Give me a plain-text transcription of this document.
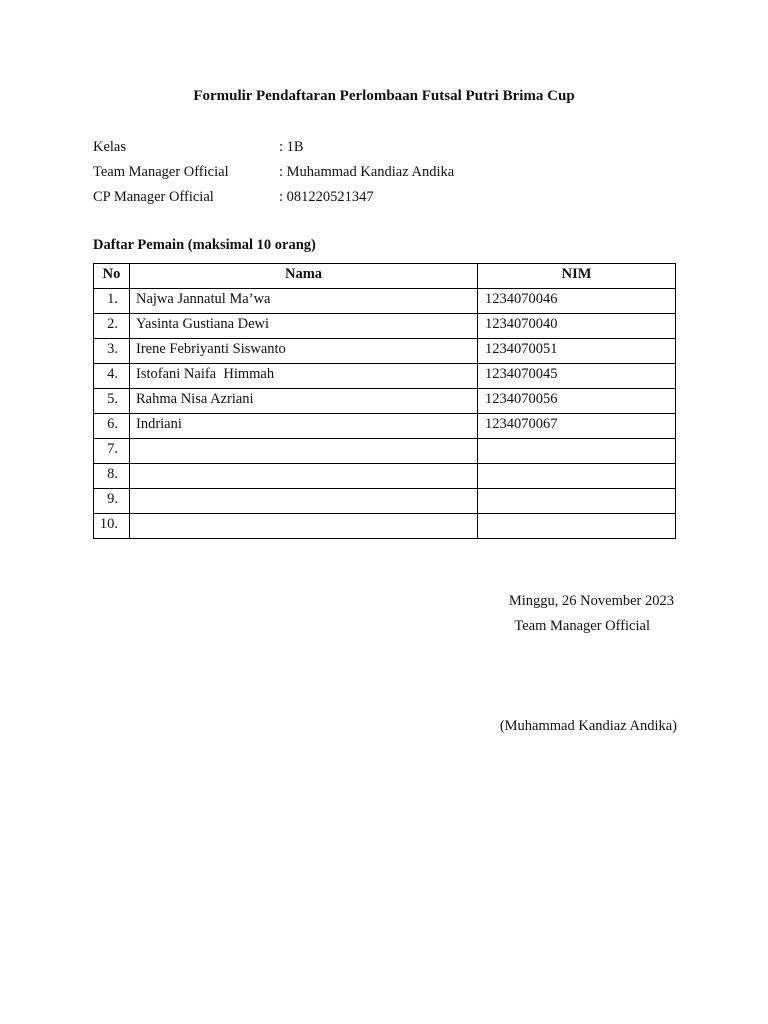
Formulir Pendaftaran Perlombaan Futsal Putri Brima Cup
Kelas	: 1B
Team Manager Official	: Muhammad Kandiaz Andika
CP Manager Official	: 081220521347
Daftar Pemain (maksimal 10 orang)
No	Nama	NIM
1.	Najwa Jannatul Ma’wa	1234070046
2.	Yasinta Gustiana Dewi	1234070040
3.	Irene Febriyanti Siswanto	1234070051
4.	Istofani Naifa  Himmah	1234070045
5.	Rahma Nisa Azriani	1234070056
6.	Indriani	1234070067
7.		
8.		
9.		
10.		
Minggu, 26 November 2023
Team Manager Official
(Muhammad Kandiaz Andika)
